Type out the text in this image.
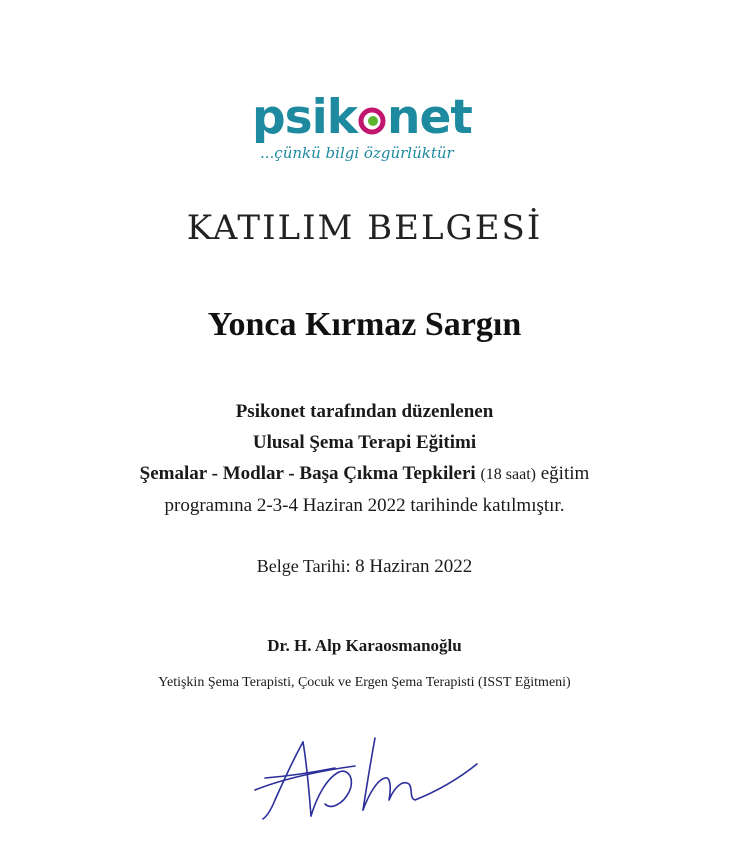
psik net
...çünkü bilgi özgürlüktür
KATILIM BELGESİ
Yonca Kırmaz Sargın
Psikonet tarafından düzenlenen
Ulusal Şema Terapi Eğitimi
Şemalar - Modlar - Başa Çıkma Tepkileri (18 saat) eğitim
programına 2-3-4 Haziran 2022 tarihinde katılmıştır.
Belge Tarihi: 8 Haziran 2022
Dr. H. Alp Karaosmanoğlu
Yetişkin Şema Terapisti, Çocuk ve Ergen Şema Terapisti (ISST Eğitmeni)
